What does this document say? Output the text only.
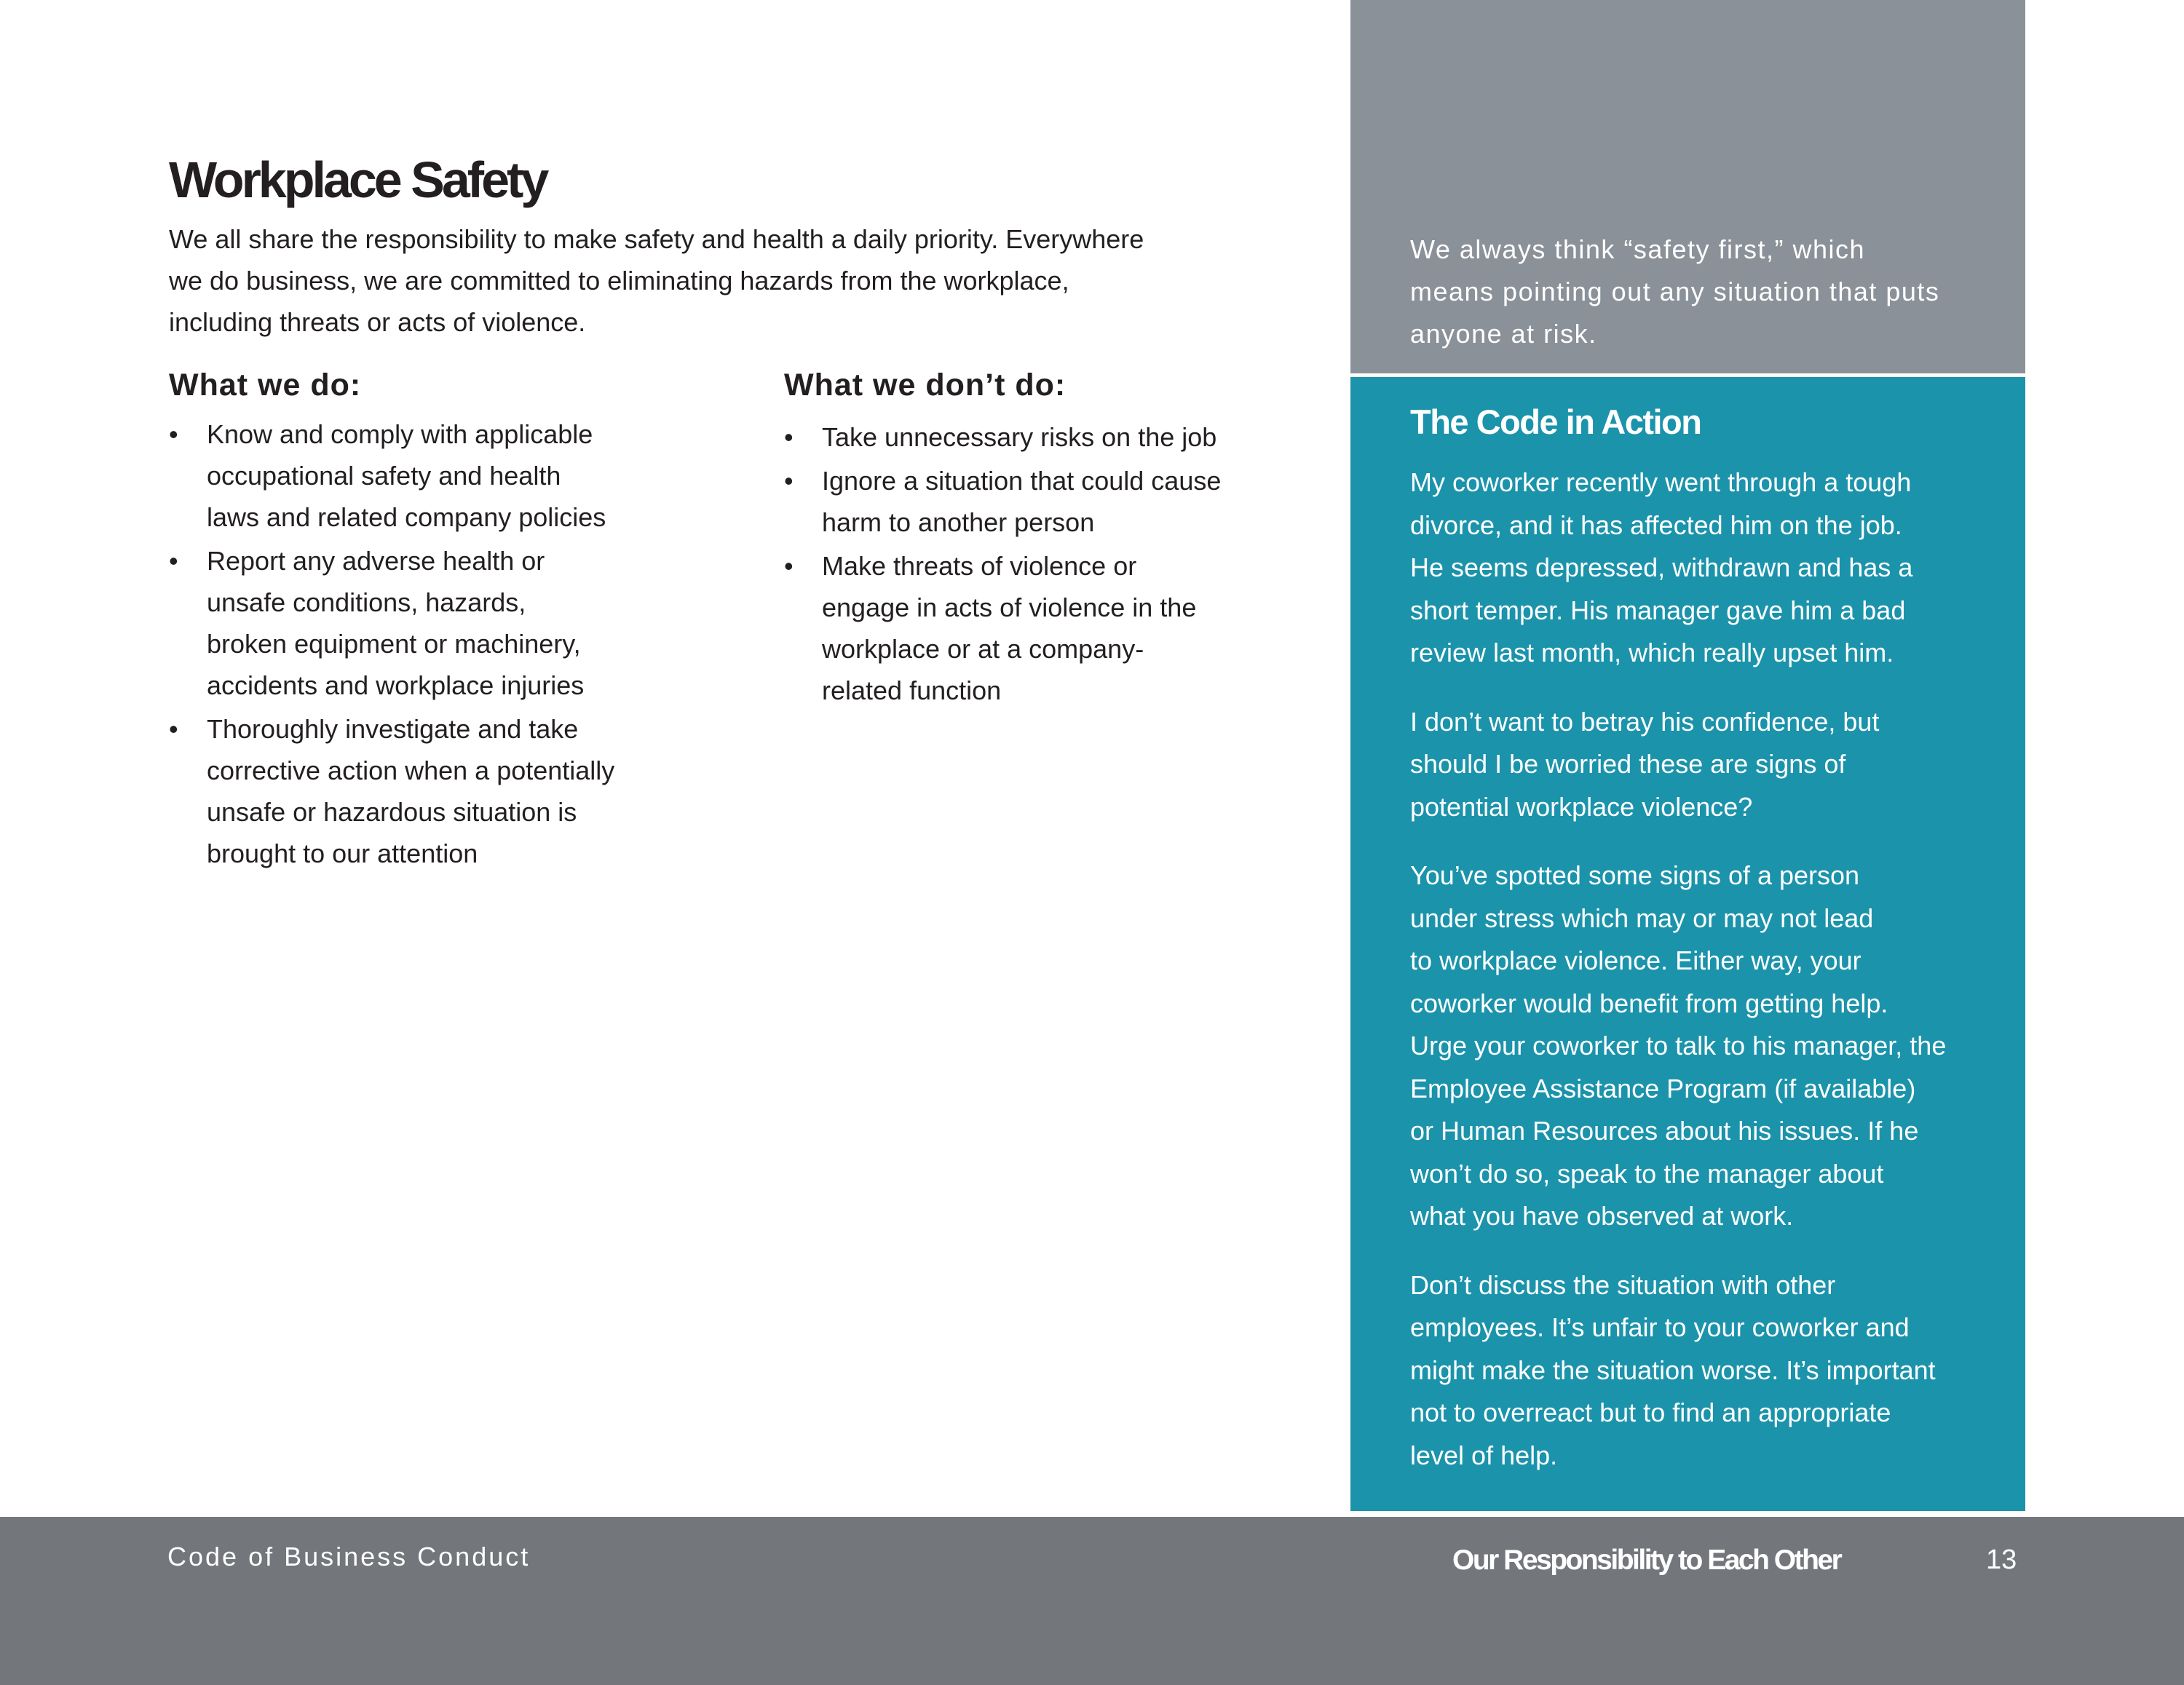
Workplace Safety
We all share the responsibility to make safety and health a daily priority. Everywhere
we do business, we are committed to eliminating hazards from the workplace,
including threats or acts of violence.
What we do:
• Know and comply with applicable
occupational safety and health
laws and related company policies
• Report any adverse health or
unsafe conditions, hazards,
broken equipment or machinery,
accidents and workplace injuries
• Thoroughly investigate and take
corrective action when a potentially
unsafe or hazardous situation is
brought to our attention
What we don’t do:
• Take unnecessary risks on the job
• Ignore a situation that could cause
harm to another person
• Make threats of violence or
engage in acts of violence in the
workplace or at a company-
related function
We always think “safety first,” which
means pointing out any situation that puts
anyone at risk.
The Code in Action

My coworker recently went through a tough
divorce, and it has affected him on the job.
He seems depressed, withdrawn and has a
short temper. His manager gave him a bad
review last month, which really upset him.

I don’t want to betray his confidence, but
should I be worried these are signs of
potential workplace violence?

You’ve spotted some signs of a person
under stress which may or may not lead
to workplace violence. Either way, your
coworker would benefit from getting help.
Urge your coworker to talk to his manager, the
Employee Assistance Program (if available)
or Human Resources about his issues. If he
won’t do so, speak to the manager about
what you have observed at work.

Don’t discuss the situation with other
employees. It’s unfair to your coworker and
might make the situation worse. It’s important
not to overreact but to find an appropriate
level of help.

Code of Business Conduct	Our Responsibility to Each Other	13
